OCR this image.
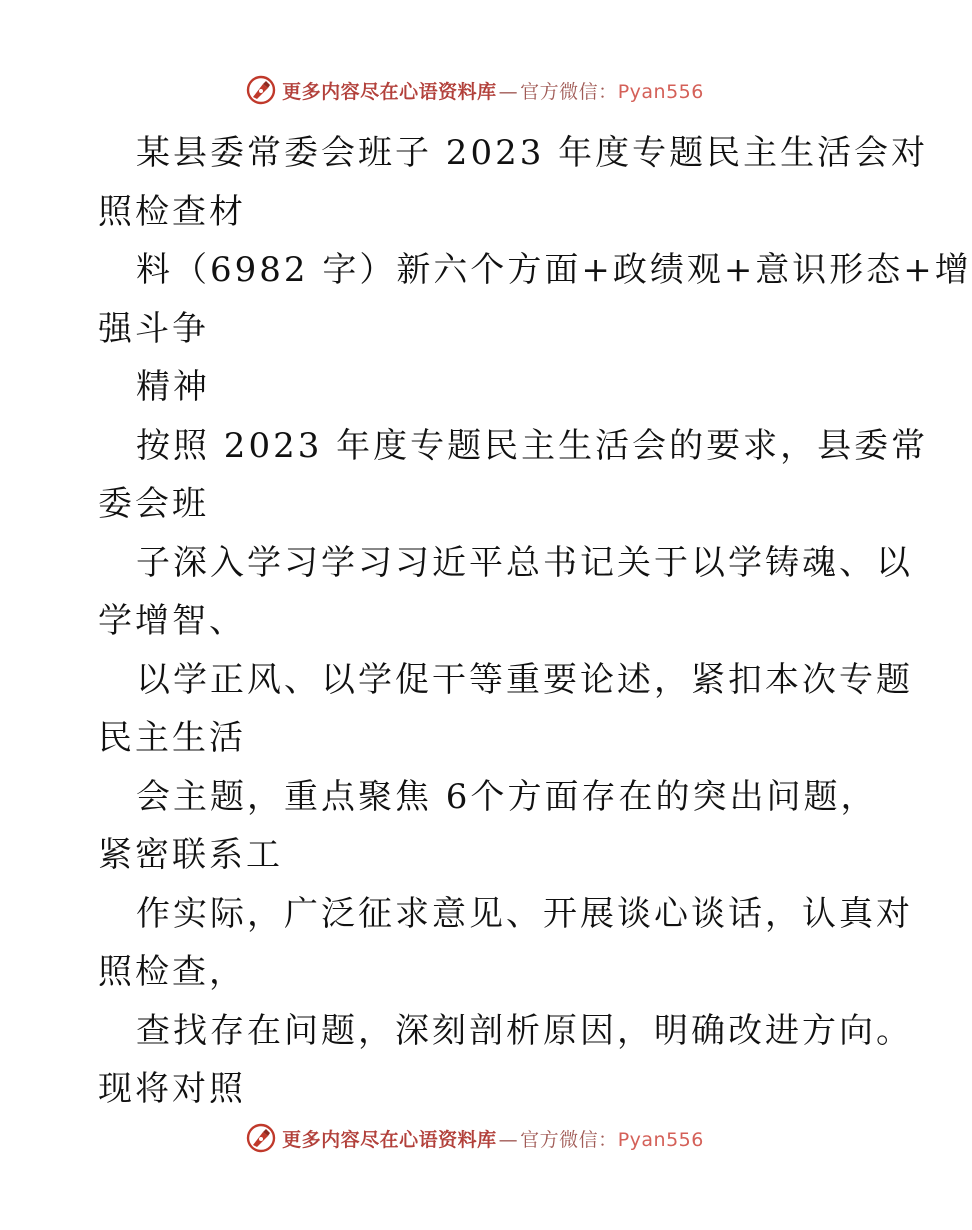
更多内容尽在心语资料库 — 官方微信：Pyan556
某县委常委会班子 2023 年度专题民主生活会对
照检查材
料（6982 字）新六个方面+政绩观+意识形态+增
强斗争
精神
按照 2023 年度专题民主生活会的要求，县委常
委会班
子深入学习学习习近平总书记关于以学铸魂、以
学增智、
以学正风、以学促干等重要论述，紧扣本次专题
民主生活
会主题，重点聚焦 6个方面存在的突出问题，
紧密联系工
作实际，广泛征求意见、开展谈心谈话，认真对
照检查，
查找存在问题，深刻剖析原因，明确改进方向。
现将对照
更多内容尽在心语资料库 — 官方微信：Pyan556
